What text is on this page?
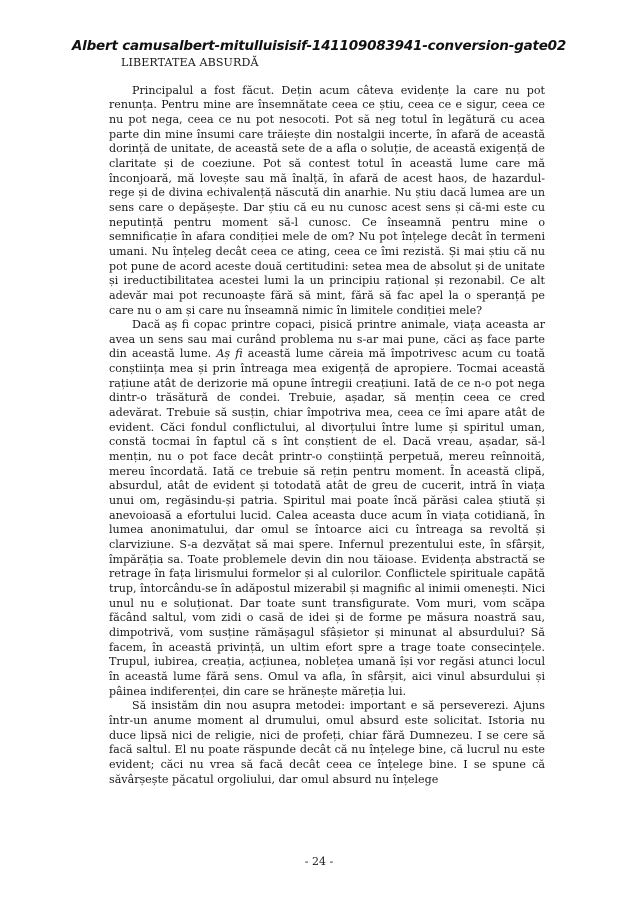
Albert camusalbert-mitulluisisif-141109083941-conversion-gate02
LIBERTATEA ABSURDĂ

Principalul a fost făcut. Dețin acum câteva evidențe la care nu pot renunța. Pentru mine are însemnătate ceea ce știu, ceea ce e sigur, ceea ce nu pot nega, ceea ce nu pot nesocoti. Pot să neg totul în legătură cu acea parte din mine însumi care trăiește din nostalgii incerte, în afară de această dorință de unitate, de această sete de a afla o soluție, de această exigență de claritate și de coeziune. Pot să contest totul în această lume care mă înconjoară, mă lovește sau mă înalță, în afară de acest haos, de hazardul-rege și de divina echivalență născută din anarhie. Nu știu dacă lumea are un sens care o depășește. Dar știu că eu nu cunosc acest sens și că-mi este cu neputință pentru moment să-l cunosc. Ce înseamnă pentru mine o semnificație în afara condiției mele de om? Nu pot înțelege decât în termeni umani. Nu înțeleg decât ceea ce ating, ceea ce îmi rezistă. Și mai știu că nu pot pune de acord aceste două certitudini: setea mea de absolut și de unitate și ireductibilitatea acestei lumi la un principiu rațional și rezonabil. Ce alt adevăr mai pot recunoaște fără să mint, fără să fac apel la o speranță pe care nu o am și care nu înseamnă nimic în limitele condiției mele?

Dacă aș fi copac printre copaci, pisică printre animale, viața aceasta ar avea un sens sau mai curând problema nu s-ar mai pune, căci aș face parte din această lume. Aș fi această lume căreia mă împotrivesc acum cu toată conștiința mea și prin întreaga mea exigență de apropiere. Tocmai această rațiune atât de derizorie mă opune întregii creațiuni. Iată de ce n-o pot nega dintr-o trăsătură de condei. Trebuie, așadar, să mențin ceea ce cred adevărat. Trebuie să susțin, chiar împotriva mea, ceea ce îmi apare atât de evident. Căci fondul conflictului, al divorțului între lume și spiritul uman, constă tocmai în faptul că s înt conștient de el. Dacă vreau, așadar, să-l mențin, nu o pot face decât printr-o conștiință perpetuă, mereu reînnoită, mereu încordată. Iată ce trebuie să rețin pentru moment. În această clipă, absurdul, atât de evident și totodată atât de greu de cucerit, intră în viața unui om, regăsindu-și patria. Spiritul mai poate încă părăsi calea știută și anevoioasă a efortului lucid. Calea aceasta duce acum în viața cotidiană, în lumea anonimatului, dar omul se întoarce aici cu întreaga sa revoltă și clarviziune. S-a dezvățat să mai spere. Infernul prezentului este, în sfârșit, împărăția sa. Toate problemele devin din nou tăioase. Evidența abstractă se retrage în fața lirismului formelor și al culorilor. Conflictele spirituale capătă trup, întorcându-se în adăpostul mizerabil și magnific al inimii omenești. Nici unul nu e soluționat. Dar toate sunt transfigurate. Vom muri, vom scăpa făcând saltul, vom zidi o casă de idei și de forme pe măsura noastră sau, dimpotrivă, vom susține rămășagul sfâșietor și minunat al absurdului? Să facem, în această privință, un ultim efort spre a trage toate consecințele. Trupul, iubirea, creația, acțiunea, noblețea umană își vor regăsi atunci locul în această lume fără sens. Omul va afla, în sfârșit, aici vinul absurdului și pâinea indiferenței, din care se hrănește măreția lui.

Să insistăm din nou asupra metodei: important e să perseverezi. Ajuns într-un anume moment al drumului, omul absurd este solicitat. Istoria nu duce lipsă nici de religie, nici de profeți, chiar fără Dumnezeu. I se cere să facă saltul. El nu poate răspunde decât că nu înțelege bine, că lucrul nu este evident; căci nu vrea să facă decât ceea ce înțelege bine. I se spune că săvârșește păcatul orgoliului, dar omul absurd nu înțelege

- 24 -
